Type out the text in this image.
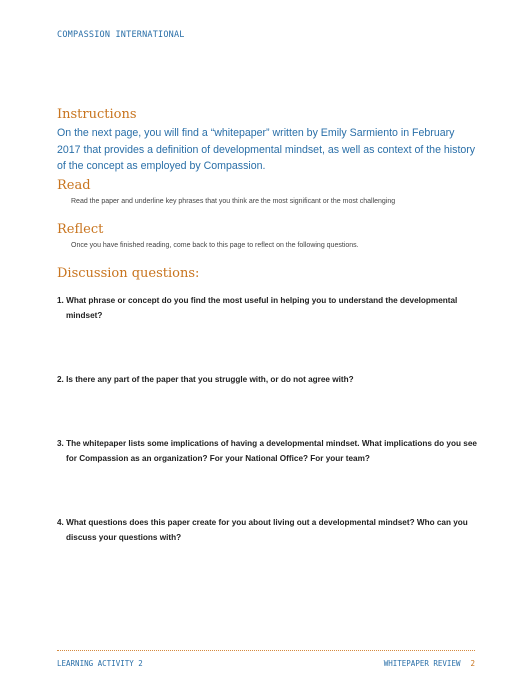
COMPASSION INTERNATIONAL
Instructions
On the next page, you will find a “whitepaper” written by Emily Sarmiento in February 2017 that provides a definition of developmental mindset, as well as context of the history of the concept as employed by Compassion.
Read
Read the paper and underline key phrases that you think are the most significant or the most challenging
Reflect
Once you have finished reading, come back to this page to reflect on the following questions.
Discussion questions:
1. What phrase or concept do you find the most useful in helping you to understand the developmental mindset?
2. Is there any part of the paper that you struggle with, or do not agree with?
3. The whitepaper lists some implications of having a developmental mindset. What implications do you see for Compassion as an organization? For your National Office? For your team?
4. What questions does this paper create for you about living out a developmental mindset? Who can you discuss your questions with?
LEARNING ACTIVITY 2	WHITEPAPER REVIEW 2
